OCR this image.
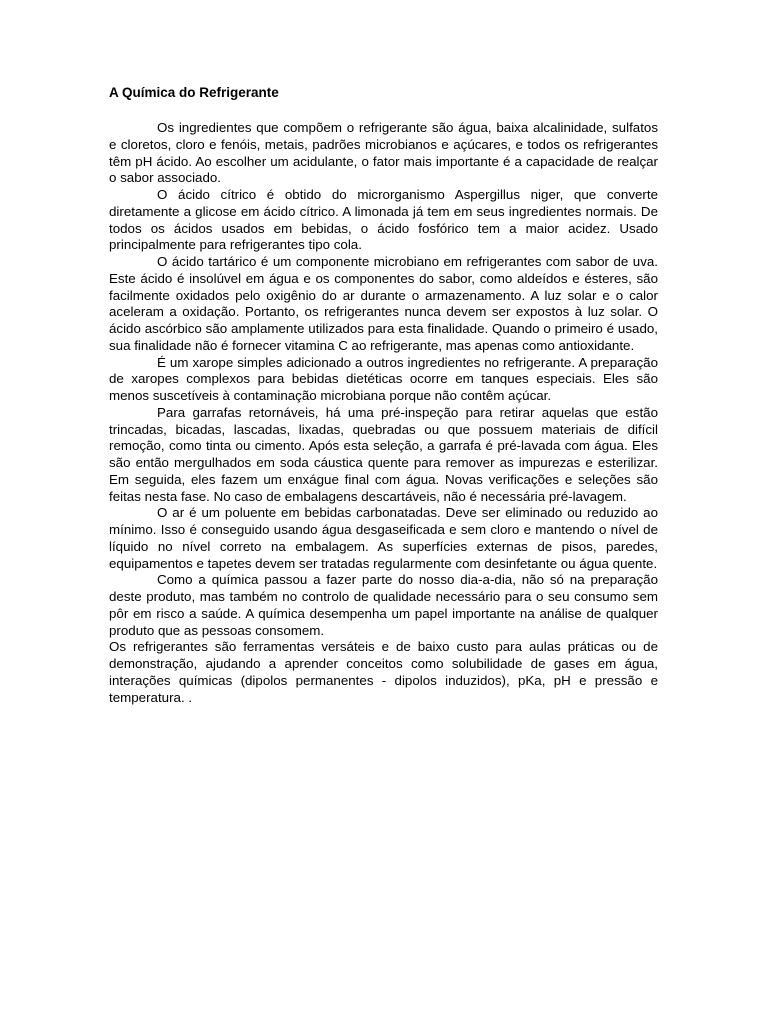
A Química do Refrigerante

Os ingredientes que compõem o refrigerante são água, baixa alcalinidade, sulfatos e cloretos, cloro e fenóis, metais, padrões microbianos e açúcares, e todos os refrigerantes têm pH ácido. Ao escolher um acidulante, o fator mais importante é a capacidade de realçar o sabor associado.

O ácido cítrico é obtido do microrganismo Aspergillus niger, que converte diretamente a glicose em ácido cítrico. A limonada já tem em seus ingredientes normais. De todos os ácidos usados em bebidas, o ácido fosfórico tem a maior acidez. Usado principalmente para refrigerantes tipo cola.

O ácido tartárico é um componente microbiano em refrigerantes com sabor de uva. Este ácido é insolúvel em água e os componentes do sabor, como aldeídos e ésteres, são facilmente oxidados pelo oxigênio do ar durante o armazenamento. A luz solar e o calor aceleram a oxidação. Portanto, os refrigerantes nunca devem ser expostos à luz solar. O ácido ascórbico são amplamente utilizados para esta finalidade. Quando o primeiro é usado, sua finalidade não é fornecer vitamina C ao refrigerante, mas apenas como antioxidante.

É um xarope simples adicionado a outros ingredientes no refrigerante. A preparação de xaropes complexos para bebidas dietéticas ocorre em tanques especiais. Eles são menos suscetíveis à contaminação microbiana porque não contêm açúcar.

Para garrafas retornáveis, há uma pré-inspeção para retirar aquelas que estão trincadas, bicadas, lascadas, lixadas, quebradas ou que possuem materiais de difícil remoção, como tinta ou cimento. Após esta seleção, a garrafa é pré-lavada com água. Eles são então mergulhados em soda cáustica quente para remover as impurezas e esterilizar. Em seguida, eles fazem um enxágue final com água. Novas verificações e seleções são feitas nesta fase. No caso de embalagens descartáveis, não é necessária pré-lavagem.

O ar é um poluente em bebidas carbonatadas. Deve ser eliminado ou reduzido ao mínimo. Isso é conseguido usando água desgaseificada e sem cloro e mantendo o nível de líquido no nível correto na embalagem. As superfícies externas de pisos, paredes, equipamentos e tapetes devem ser tratadas regularmente com desinfetante ou água quente.

Como a química passou a fazer parte do nosso dia-a-dia, não só na preparação deste produto, mas também no controlo de qualidade necessário para o seu consumo sem pôr em risco a saúde. A química desempenha um papel importante na análise de qualquer produto que as pessoas consomem.

Os refrigerantes são ferramentas versáteis e de baixo custo para aulas práticas ou de demonstração, ajudando a aprender conceitos como solubilidade de gases em água, interações químicas (dipolos permanentes - dipolos induzidos), pKa, pH e pressão e temperatura. .
